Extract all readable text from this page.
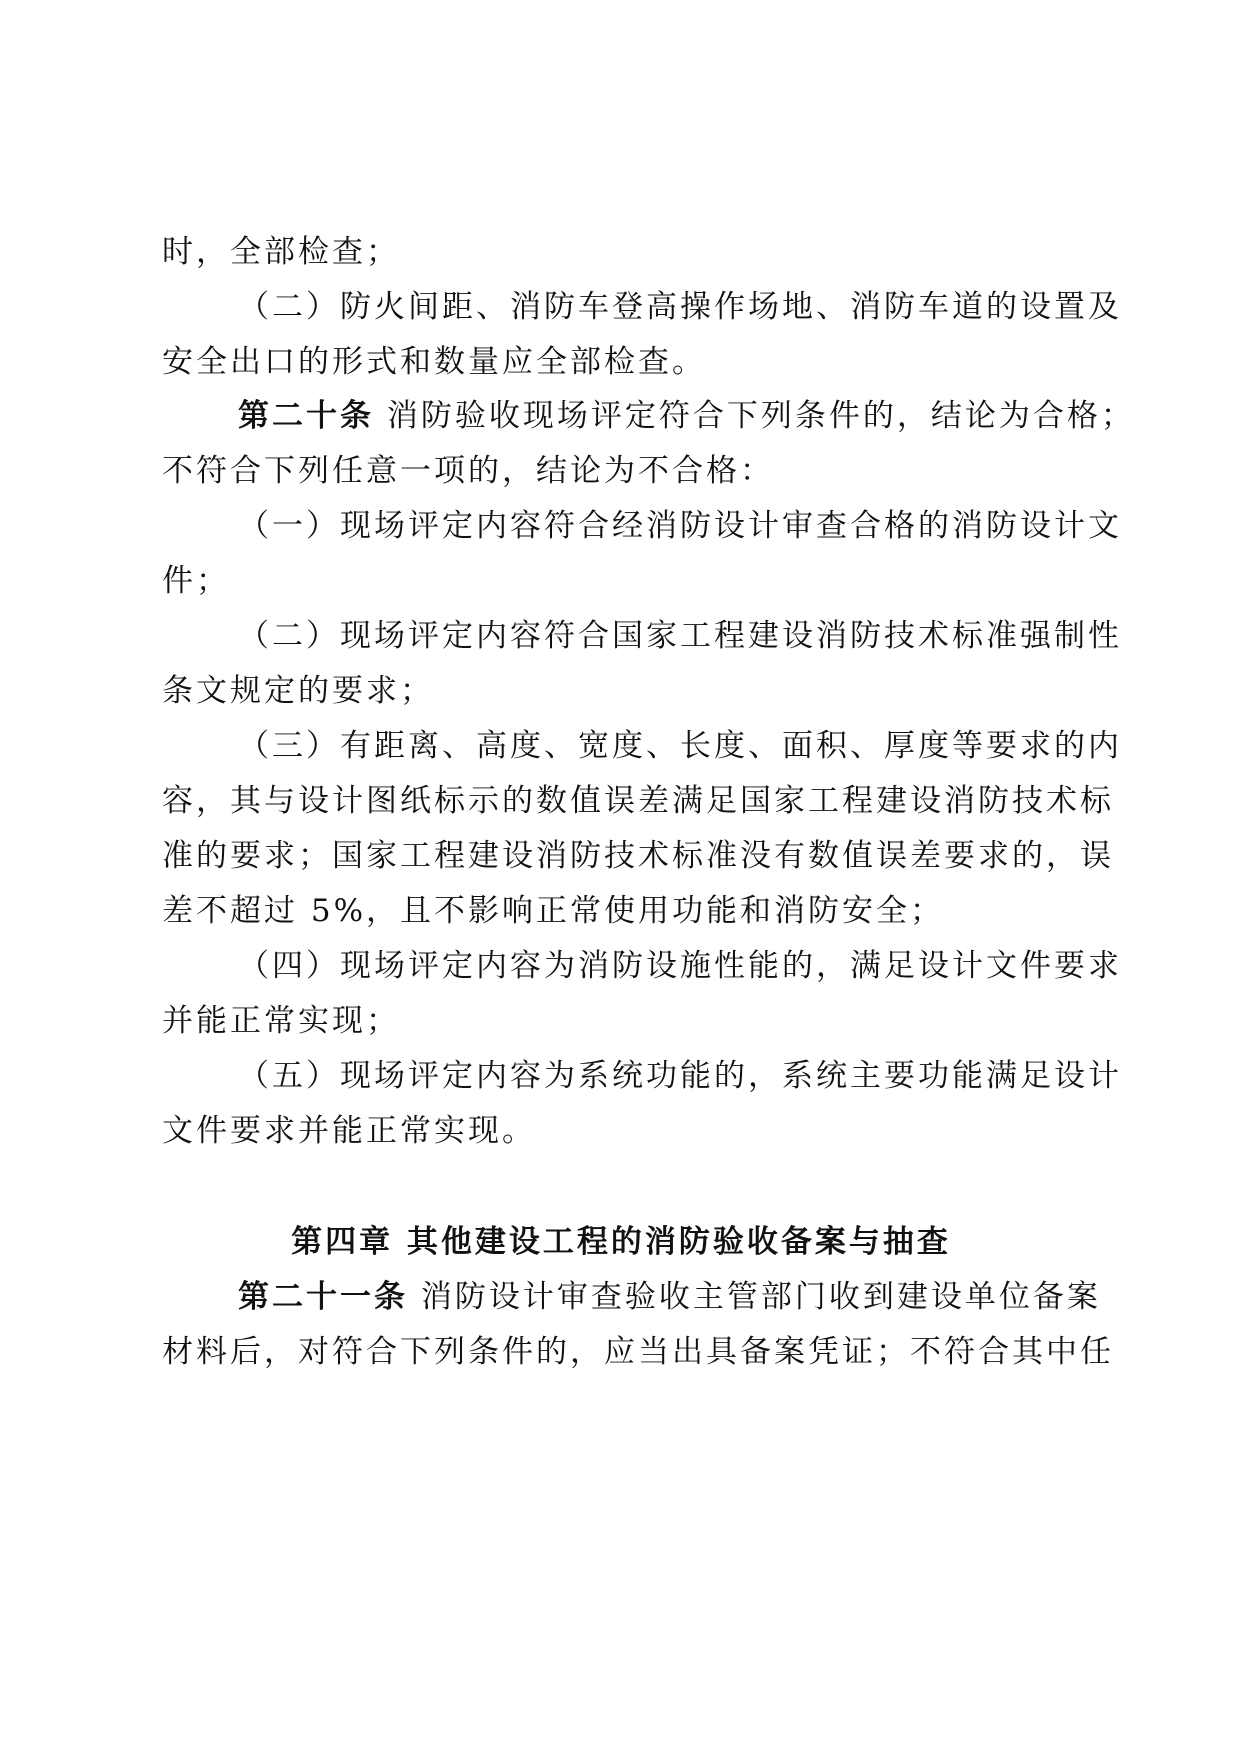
时，全部检查；
（二）防火间距、消防车登高操作场地、消防车道的设置及
安全出口的形式和数量应全部检查。
第二十条 消防验收现场评定符合下列条件的，结论为合格；
不符合下列任意一项的，结论为不合格：
（一）现场评定内容符合经消防设计审查合格的消防设计文
件；
（二）现场评定内容符合国家工程建设消防技术标准强制性
条文规定的要求；
（三）有距离、高度、宽度、长度、面积、厚度等要求的内
容，其与设计图纸标示的数值误差满足国家工程建设消防技术标
准的要求；国家工程建设消防技术标准没有数值误差要求的，误
差不超过 5%，且不影响正常使用功能和消防安全；
（四）现场评定内容为消防设施性能的，满足设计文件要求
并能正常实现；
（五）现场评定内容为系统功能的，系统主要功能满足设计
文件要求并能正常实现。
第四章 其他建设工程的消防验收备案与抽查
第二十一条 消防设计审查验收主管部门收到建设单位备案
材料后，对符合下列条件的，应当出具备案凭证；不符合其中任
